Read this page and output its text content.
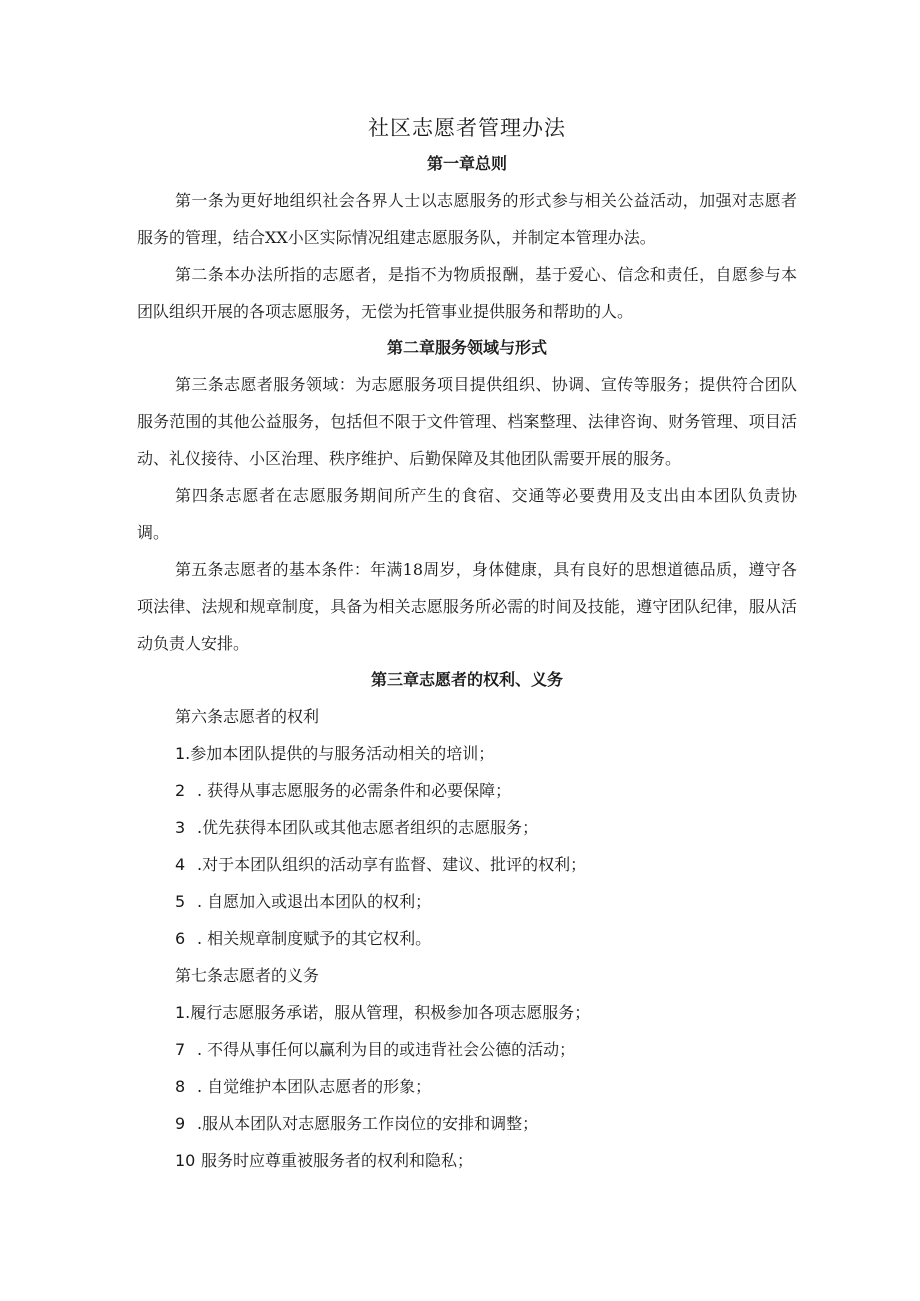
社区志愿者管理办法
第一章总则

第一条为更好地组织社会各界人士以志愿服务的形式参与相关公益活动，加强对志愿者服务的管理，结合XX小区实际情况组建志愿服务队，并制定本管理办法。

第二条本办法所指的志愿者，是指不为物质报酬，基于爱心、信念和责任，自愿参与本团队组织开展的各项志愿服务，无偿为托管事业提供服务和帮助的人。

第二章服务领域与形式

第三条志愿者服务领域：为志愿服务项目提供组织、协调、宣传等服务；提供符合团队服务范围的其他公益服务，包括但不限于文件管理、档案整理、法律咨询、财务管理、项目活动、礼仪接待、小区治理、秩序维护、后勤保障及其他团队需要开展的服务。

第四条志愿者在志愿服务期间所产生的食宿、交通等必要费用及支出由本团队负责协调。

第五条志愿者的基本条件：年满18周岁，身体健康，具有良好的思想道德品质，遵守各项法律、法规和规章制度，具备为相关志愿服务所必需的时间及技能，遵守团队纪律，服从活动负责人安排。

第三章志愿者的权利、义务

第六条志愿者的权利

1.参加本团队提供的与服务活动相关的培训；

2 . 获得从事志愿服务的必需条件和必要保障；

3 .优先获得本团队或其他志愿者组织的志愿服务；

4 .对于本团队组织的活动享有监督、建议、批评的权利；

5 . 自愿加入或退出本团队的权利；

6 . 相关规章制度赋予的其它权利。

第七条志愿者的义务

1.履行志愿服务承诺，服从管理，积极参加各项志愿服务；

7 . 不得从事任何以赢利为目的或违背社会公德的活动；

8 . 自觉维护本团队志愿者的形象；

9 .服从本团队对志愿服务工作岗位的安排和调整；

10 服务时应尊重被服务者的权利和隐私；
